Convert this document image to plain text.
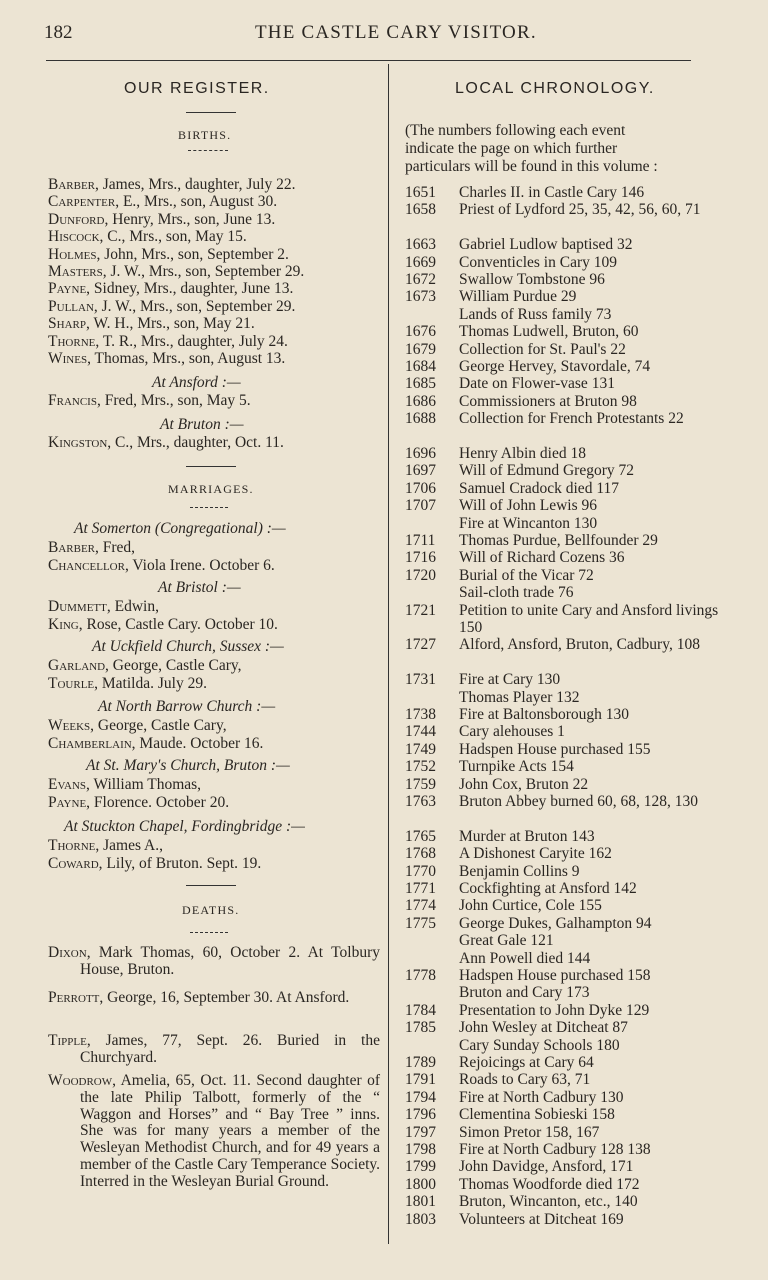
182	THE CASTLE CARY VISITOR.
OUR REGISTER.
BIRTHS.
Barber, James, Mrs., daughter, July 22.
Carpenter, E., Mrs., son, August 30.
Dunford, Henry, Mrs., son, June 13.
Hiscock, C., Mrs., son, May 15.
Holmes, John, Mrs., son, September 2.
Masters, J. W., Mrs., son, September 29.
Payne, Sidney, Mrs., daughter, June 13.
Pullan, J. W., Mrs., son, September 29.
Sharp, W. H., Mrs., son, May 21.
Thorne, T. R., Mrs., daughter, July 24.
Wines, Thomas, Mrs., son, August 13.
At Ansford :—
Francis, Fred, Mrs., son, May 5.
At Bruton :—
Kingston, C., Mrs., daughter, Oct. 11.
MARRIAGES.
At Somerton (Congregational) :—
Barber, Fred,
Chancellor, Viola Irene. October 6.
At Bristol :—
Dummett, Edwin,
King, Rose, Castle Cary. October 10.
At Uckfield Church, Sussex :—
Garland, George, Castle Cary,
Tourle, Matilda. July 29.
At North Barrow Church :—
Weeks, George, Castle Cary,
Chamberlain, Maude. October 16.
At St. Mary's Church, Bruton :—
Evans, William Thomas,
Payne, Florence. October 20.
At Stuckton Chapel, Fordingbridge :—
Thorne, James A.,
Coward, Lily, of Bruton. Sept. 19.
DEATHS.
Dixon, Mark Thomas, 60, October 2. At Tolbury House, Bruton.
Perrott, George, 16, September 30. At Ansford.
Tipple, James, 77, Sept. 26. Buried in the Churchyard.
Woodrow, Amelia, 65, Oct. 11. Second daughter of the late Philip Talbott, formerly of the “ Waggon and Horses” and “ Bay Tree ” inns. She was for many years a member of the Wesleyan Methodist Church, and for 49 years a member of the Castle Cary Temperance Society. Interred in the Wesleyan Burial Ground.
LOCAL CHRONOLOGY.
(The numbers following each event
indicate the page on which further
particulars will be found in this volume :
1651	Charles II. in Castle Cary 146
1658	Priest of Lydford 25, 35, 42, 56, 60, 71
1663	Gabriel Ludlow baptised 32
1669	Conventicles in Cary 109
1672	Swallow Tombstone 96
1673	William Purdue 29
Lands of Russ family 73
1676	Thomas Ludwell, Bruton, 60
1679	Collection for St. Paul's 22
1684	George Hervey, Stavordale, 74
1685	Date on Flower-vase 131
1686	Commissioners at Bruton 98
1688	Collection for French Protestants 22
1696	Henry Albin died 18
1697	Will of Edmund Gregory 72
1706	Samuel Cradock died 117
1707	Will of John Lewis 96
Fire at Wincanton 130
1711	Thomas Purdue, Bellfounder 29
1716	Will of Richard Cozens 36
1720	Burial of the Vicar 72
Sail-cloth trade 76
1721	Petition to unite Cary and Ansford livings 150
1727	Alford, Ansford, Bruton, Cadbury, 108
1731	Fire at Cary 130
Thomas Player 132
1738	Fire at Baltonsborough 130
1744	Cary alehouses 1
1749	Hadspen House purchased 155
1752	Turnpike Acts 154
1759	John Cox, Bruton 22
1763	Bruton Abbey burned 60, 68, 128, 130
1765	Murder at Bruton 143
1768	A Dishonest Caryite 162
1770	Benjamin Collins 9
1771	Cockfighting at Ansford 142
1774	John Curtice, Cole 155
1775	George Dukes, Galhampton 94
Great Gale 121
Ann Powell died 144
1778	Hadspen House purchased 158
Bruton and Cary 173
1784	Presentation to John Dyke 129
1785	John Wesley at Ditcheat 87
Cary Sunday Schools 180
1789	Rejoicings at Cary 64
1791	Roads to Cary 63, 71
1794	Fire at North Cadbury 130
1796	Clementina Sobieski 158
1797	Simon Pretor 158, 167
1798	Fire at North Cadbury 128 138
1799	John Davidge, Ansford, 171
1800	Thomas Woodforde died 172
1801	Bruton, Wincanton, etc., 140
1803	Volunteers at Ditcheat 169
